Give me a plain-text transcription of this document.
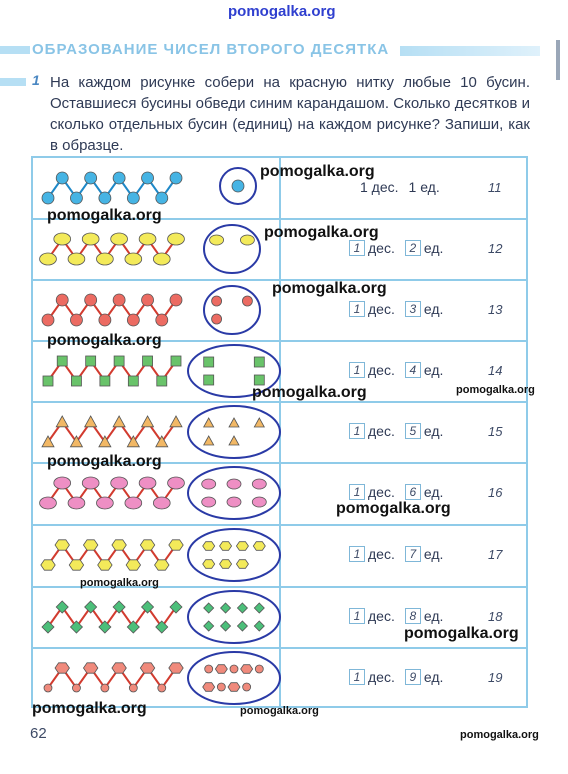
pomogalka.org
ОБРАЗОВАНИЕ ЧИСЕЛ ВТОРОГО ДЕСЯТКА
1 На каждом рисунке собери на красную нитку любые 10 бусин. Оставшиеся бусины обведи синим карандашом. Сколько десятков и сколько отдельных бусин (единиц) на каждом рисунке? Запиши, как в образце.
1 дес. 1 ед.	11
1 дес. 2 ед.	12
1 дес. 3 ед.	13
1 дес. 4 ед.	14
1 дес. 5 ед.	15
1 дес. 6 ед.	16
1 дес. 7 ед.	17
1 дес. 8 ед.	18
1 дес. 9 ед.	19
pomogalka.org
pomogalka.org
pomogalka.org
pomogalka.org
pomogalka.org
pomogalka.org	pomogalka.org
pomogalka.org
pomogalka.org
pomogalka.org
pomogalka.org
pomogalka.org	pomogalka.org
pomogalka.org
62
